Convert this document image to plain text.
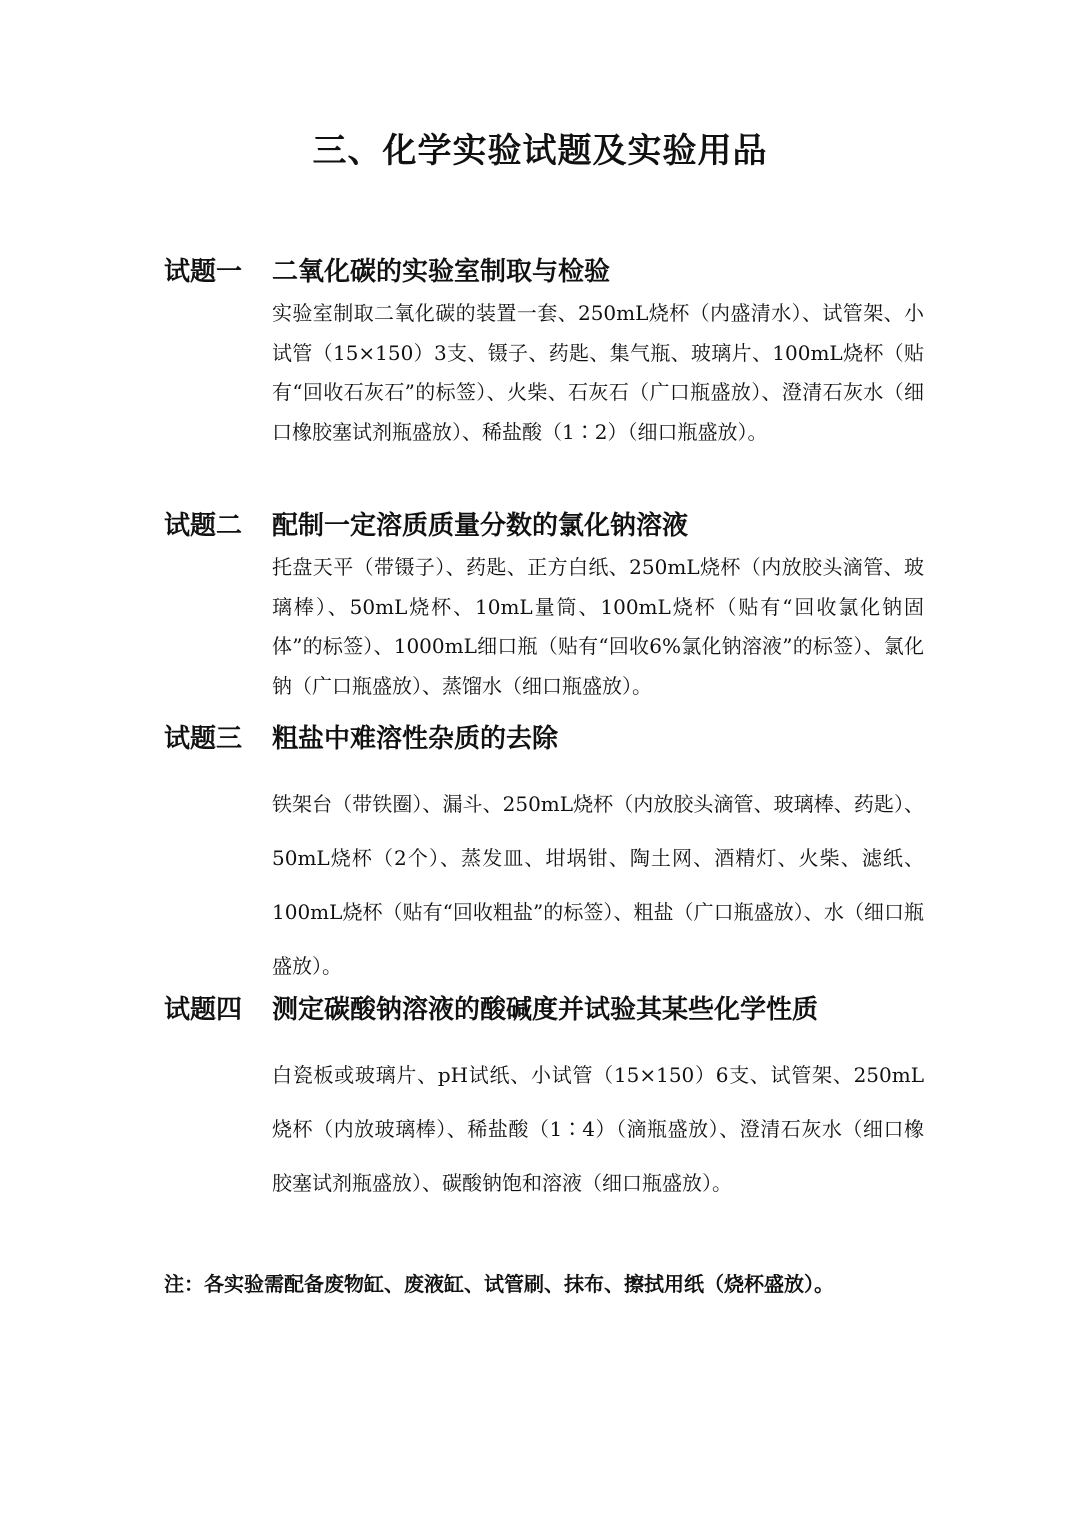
三、化学实验试题及实验用品
试题一	二氧化碳的实验室制取与检验

实验室制取二氧化碳的装置一套、250mL烧杯（内盛清水）、试管架、小试管（15×150）3支、镊子、药匙、集气瓶、玻璃片、100mL烧杯（贴有“回收石灰石”的标签）、火柴、石灰石（广口瓶盛放）、澄清石灰水（细口橡胶塞试剂瓶盛放）、稀盐酸（1∶2）（细口瓶盛放）。

试题二	配制一定溶质质量分数的氯化钠溶液

托盘天平（带镊子）、药匙、正方白纸、250mL烧杯（内放胶头滴管、玻璃棒）、50mL烧杯、10mL量筒、100mL烧杯（贴有“回收氯化钠固体”的标签）、1000mL细口瓶（贴有“回收6%氯化钠溶液”的标签）、氯化钠（广口瓶盛放）、蒸馏水（细口瓶盛放）。

试题三	粗盐中难溶性杂质的去除

铁架台（带铁圈）、漏斗、250mL烧杯（内放胶头滴管、玻璃棒、药匙）、50mL烧杯（2个）、蒸发皿、坩埚钳、陶土网、酒精灯、火柴、滤纸、100mL烧杯（贴有“回收粗盐”的标签）、粗盐（广口瓶盛放）、水（细口瓶盛放）。

试题四	测定碳酸钠溶液的酸碱度并试验其某些化学性质

白瓷板或玻璃片、pH试纸、小试管（15×150）6支、试管架、250mL烧杯（内放玻璃棒）、稀盐酸（1∶4）（滴瓶盛放）、澄清石灰水（细口橡胶塞试剂瓶盛放）、碳酸钠饱和溶液（细口瓶盛放）。

注：各实验需配备废物缸、废液缸、试管刷、抹布、擦拭用纸（烧杯盛放）。
